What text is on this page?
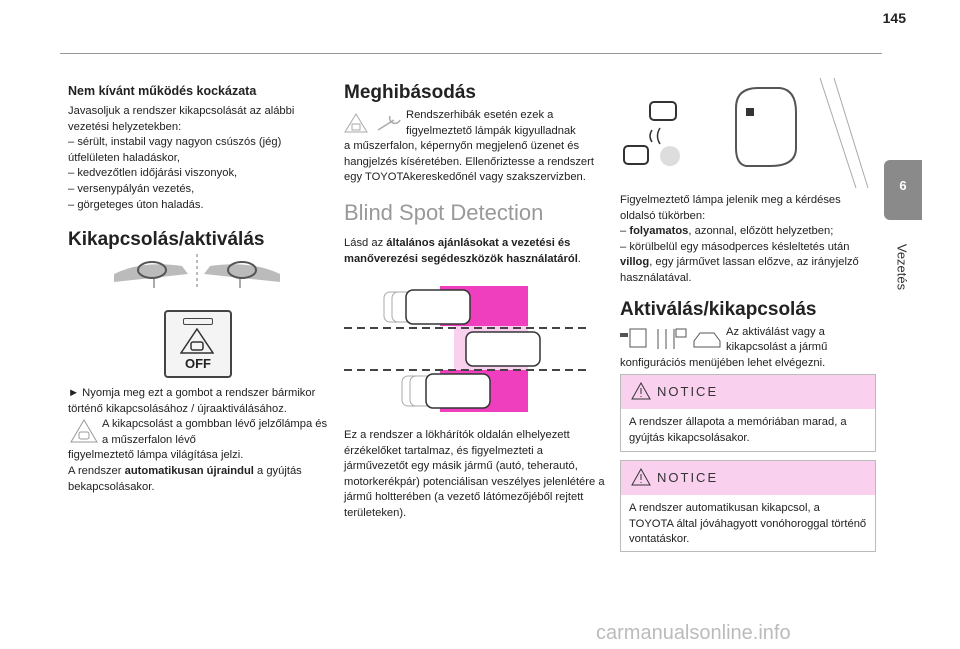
145
6
Vezetés
Nem kívánt működés kockázata

Javasoljuk a rendszer kikapcsolását az alábbi vezetési helyzetekben:

– sérült, instabil vagy nagyon csúszós (jég) útfelületen haladáskor,

– kedvezőtlen időjárási viszonyok,

– versenypályán vezetés,

– görgeteges úton haladás.

Kikapcsolás/aktiválás
OFF

► Nyomja meg ezt a gombot a rendszer bármikor történő kikapcsolásához / újraaktiválásához.

A kikapcsolást a gombban lévő jelzőlámpa és a műszerfalon lévő

figyelmeztető lámpa világítása jelzi.

A rendszer automatikusan újraindul a gyújtás bekapcsolásakor.

Meghibásodás

Rendszerhibák esetén ezek a figyelmeztető lámpák kigyulladnak

a műszerfalon, képernyőn megjelenő üzenet és hangjelzés kíséretében. Ellenőriztesse a rendszert egy TOYOTAkereskedőnél vagy szakszervizben.

Blind Spot Detection

Lásd az általános ajánlásokat a vezetési és manőverezési segédeszközök használatáról.

Ez a rendszer a lökhárítók oldalán elhelyezett érzékelőket tartalmaz, és figyelmezteti a járművezetőt egy másik jármű (autó, teherautó, motorkerékpár) potenciálisan veszélyes jelenlétére a jármű holtterében (a vezető látómezőjéből rejtett területeken).

Figyelmeztető lámpa jelenik meg a kérdéses oldalsó tükörben:

– folyamatos, azonnal, előzött helyzetben;

– körülbelül egy másodperces késleltetés után villog, egy járművet lassan előzve, az irányjelző használatával.

Aktiválás/kikapcsolás

Az aktiválást vagy a kikapcsolást a jármű

konfigurációs menüjében lehet elvégezni.

NOTICE

A rendszer állapota a memóriában marad, a gyújtás kikapcsolásakor.

NOTICE

A rendszer automatikusan kikapcsol, a TOYOTA által jóváhagyott vonóhoroggal történő vontatáskor.

carmanualsonline.info
